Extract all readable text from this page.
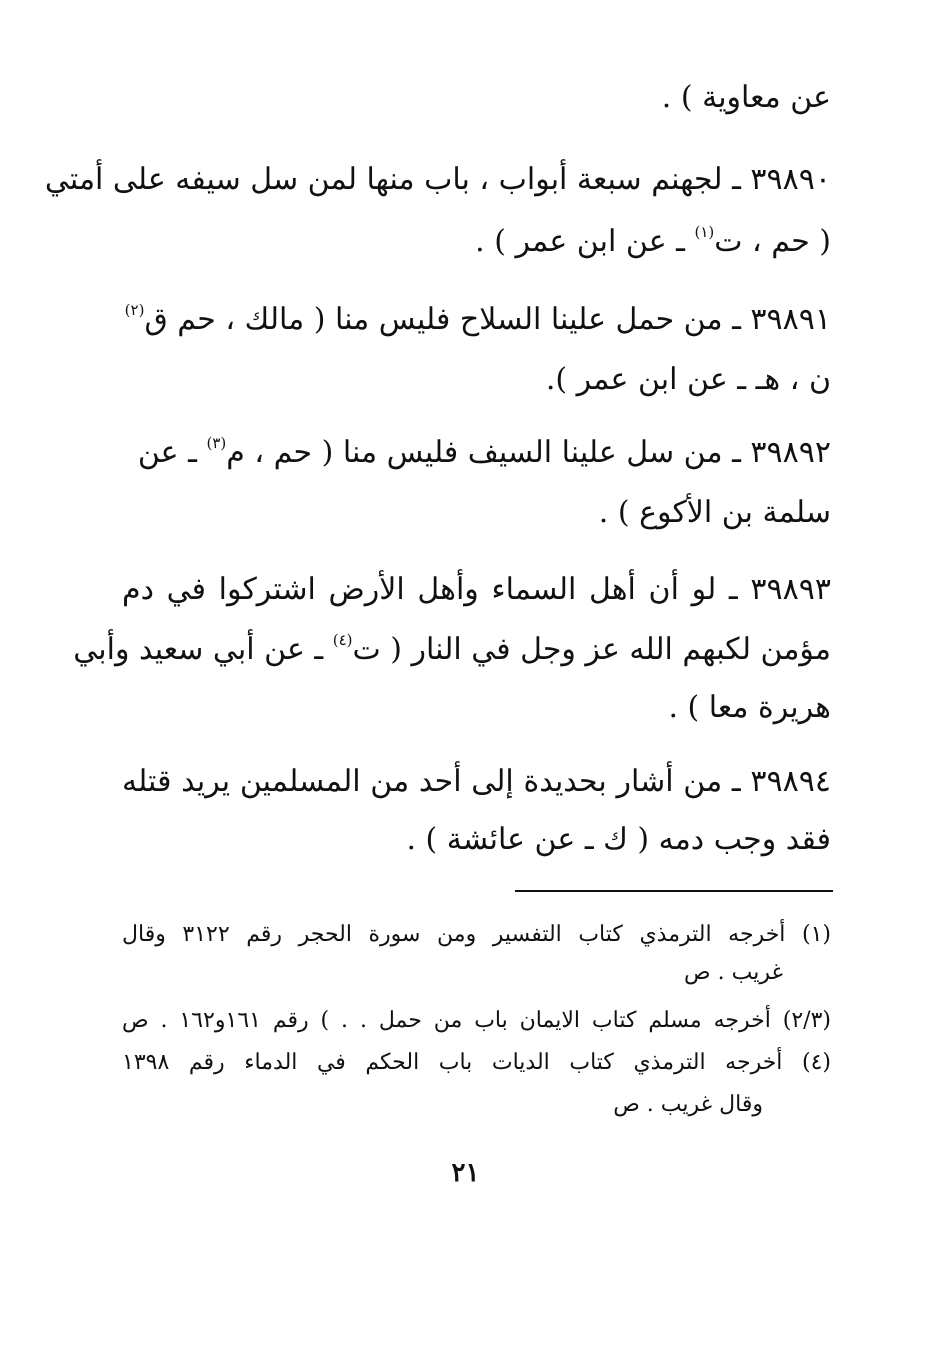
عن معاوية ) .
٣٩٨٩٠ ـ لجهنم سبعة أبواب ، باب منها لمن سل سيفه على أمتي
( حم ، ت$^{(١)}$ ـ عن ابن عمر ) .
٣٩٨٩١ ـ من حمل علينا السلاح فليس منا ( مالك ، حم ق$^{(٢)}$
ن ، هـ ـ عن ابن عمر ).
٣٩٨٩٢ ـ من سل علينا السيف فليس منا ( حم ، م$^{(٣)}$ ـ عن
سلمة بن الأكوع ) .
٣٩٨٩٣ ـ لو أن أهل السماء وأهل الأرض اشتركوا في دم
مؤمن لكبهم الله عز وجل في النار ( ت$^{(٤)}$ ـ عن أبي سعيد وأبي
هريرة معا ) .
٣٩٨٩٤ ـ من أشار بحديدة إلى أحد من المسلمين يريد قتله
فقد وجب دمه ( ك ـ عن عائشة ) .
(١) أخرجه الترمذي كتاب التفسير ومن سورة الحجر رقم ٣١٢٢ وقال
غريب . ص
(٢/٣) أخرجه مسلم كتاب الايمان باب من حمل . . ) رقم ١٦١و١٦٢ . ص
(٤) أخرجه الترمذي كتاب الديات باب الحكم في الدماء رقم ١٣٩٨
وقال غريب . ص
٢١
